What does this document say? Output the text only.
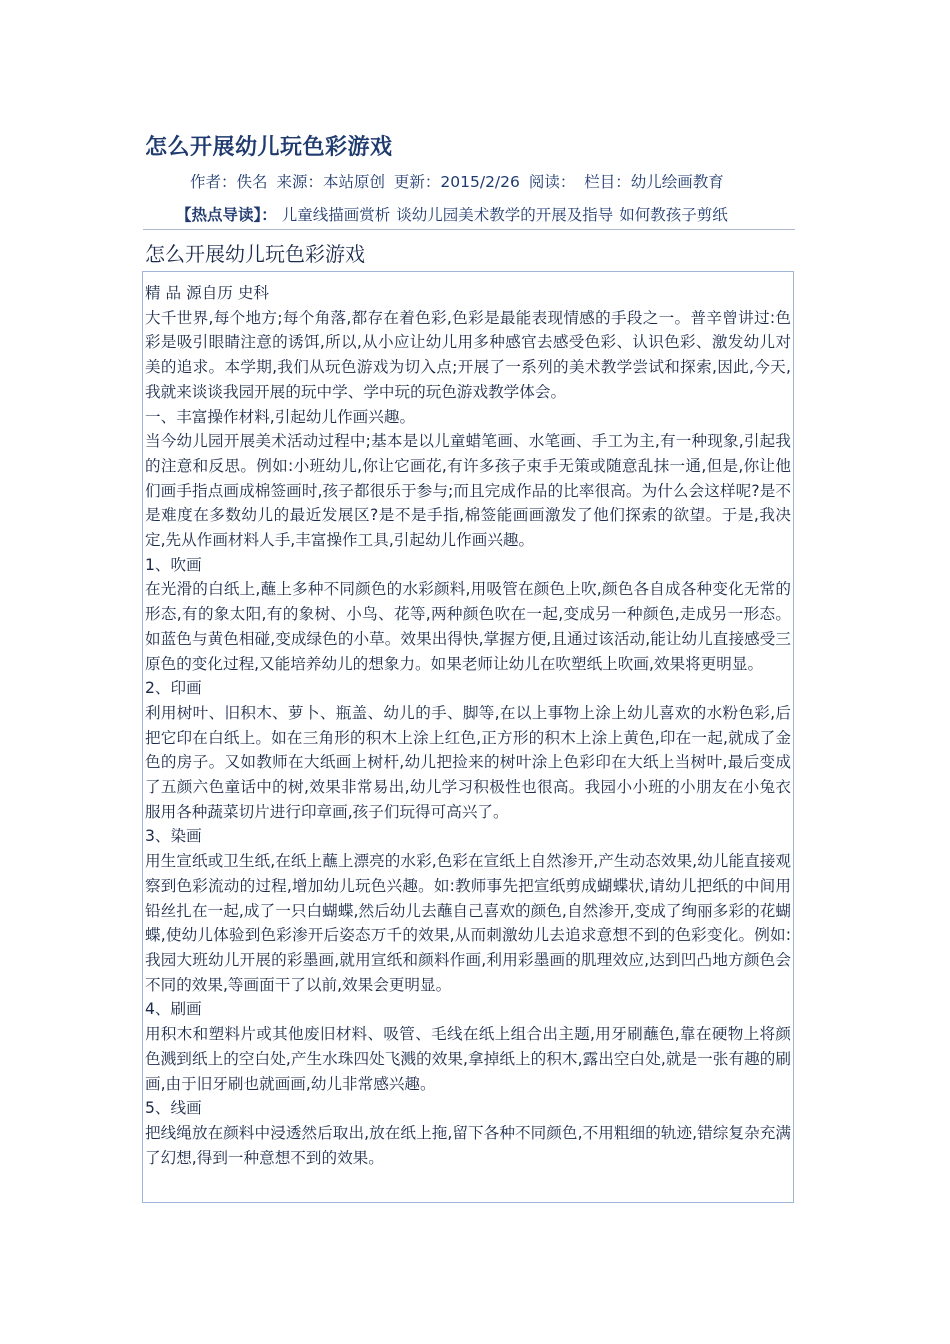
怎么开展幼儿玩色彩游戏
作者：佚名 来源：本站原创 更新：2015/2/26 阅读： 栏目：幼儿绘画教育
【热点导读】： 儿童线描画赏析 谈幼儿园美术教学的开展及指导 如何教孩子剪纸
怎么开展幼儿玩色彩游戏

精 品 源自历 史科

大千世界,每个地方;每个角落,都存在着色彩,色彩是最能表现情感的手段之一。普辛曾讲过:色彩是吸引眼睛注意的诱饵,所以,从小应让幼儿用多种感官去感受色彩、认识色彩、激发幼儿对美的追求。本学期,我们从玩色游戏为切入点;开展了一系列的美术教学尝试和探索,因此,今天,我就来谈谈我园开展的玩中学、学中玩的玩色游戏教学体会。

一、丰富操作材料,引起幼儿作画兴趣。

当今幼儿园开展美术活动过程中;基本是以儿童蜡笔画、水笔画、手工为主,有一种现象,引起我的注意和反思。例如:小班幼儿,你让它画花,有许多孩子束手无策或随意乱抹一通,但是,你让他们画手指点画成棉签画时,孩子都很乐于参与;而且完成作品的比率很高。为什么会这样呢?是不是难度在多数幼儿的最近发展区?是不是手指,棉签能画画激发了他们探索的欲望。于是,我决定,先从作画材料人手,丰富操作工具,引起幼儿作画兴趣。

1、吹画

在光滑的白纸上,蘸上多种不同颜色的水彩颜料,用吸管在颜色上吹,颜色各自成各种变化无常的形态,有的象太阳,有的象树、小鸟、花等,两种颜色吹在一起,变成另一种颜色,走成另一形态。如蓝色与黄色相碰,变成绿色的小草。效果出得快,掌握方便,且通过该活动,能让幼儿直接感受三原色的变化过程,又能培养幼儿的想象力。如果老师让幼儿在吹塑纸上吹画,效果将更明显。

2、印画

利用树叶、旧积木、萝卜、瓶盖、幼儿的手、脚等,在以上事物上涂上幼儿喜欢的水粉色彩,后把它印在白纸上。如在三角形的积木上涂上红色,正方形的积木上涂上黄色,印在一起,就成了金色的房子。又如教师在大纸画上树杆,幼儿把捡来的树叶涂上色彩印在大纸上当树叶,最后变成了五颜六色童话中的树,效果非常易出,幼儿学习积极性也很高。我园小小班的小朋友在小兔衣服用各种蔬菜切片进行印章画,孩子们玩得可高兴了。

3、染画

用生宣纸或卫生纸,在纸上蘸上漂亮的水彩,色彩在宣纸上自然渗开,产生动态效果,幼儿能直接观察到色彩流动的过程,增加幼儿玩色兴趣。如:教师事先把宣纸剪成蝴蝶状,请幼儿把纸的中间用铅丝扎在一起,成了一只白蝴蝶,然后幼儿去蘸自己喜欢的颜色,自然渗开,变成了绚丽多彩的花蝴蝶,使幼儿体验到色彩渗开后姿态万千的效果,从而刺激幼儿去追求意想不到的色彩变化。例如:我园大班幼儿开展的彩墨画,就用宣纸和颜料作画,利用彩墨画的肌理效应,达到凹凸地方颜色会不同的效果,等画面干了以前,效果会更明显。

4、刷画

用积木和塑料片或其他废旧材料、吸管、毛线在纸上组合出主题,用牙刷蘸色,靠在硬物上将颜色溅到纸上的空白处,产生水珠四处飞溅的效果,拿掉纸上的积木,露出空白处,就是一张有趣的刷画,由于旧牙刷也就画画,幼儿非常感兴趣。

5、线画

把线绳放在颜料中浸透然后取出,放在纸上拖,留下各种不同颜色,不用粗细的轨迹,错综复杂充满了幻想,得到一种意想不到的效果。
